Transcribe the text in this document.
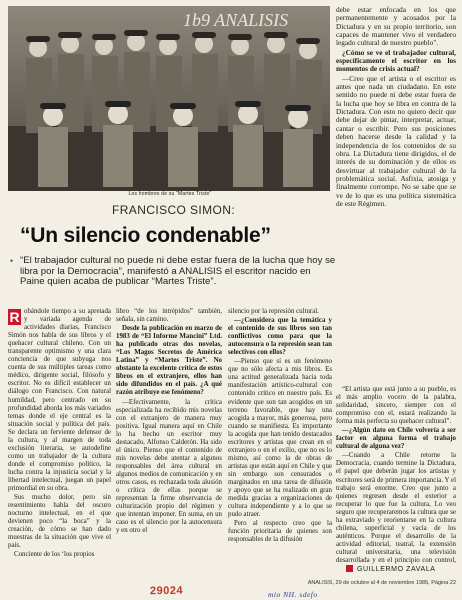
1b9 ANALISIS
Los hombres de su "Martes Triste"

debe estar enfocada en los que permanentemente y acosados por la Dictadura y en su propio territorio, son capaces de mantener vivo el verdadero legado cultural de nuestro pueblo".

¿Cómo se ve el trabajador cultural, específicamente el escritor en los momentos de crisis actual?

—Creo que el artista o el escritor es antes que nada un ciudadano. En este sentido no puede ni debe estar fuera de la lucha que hoy se libra en contra de la Dictadura. Con esto no quiero decir que debe dejar de pintar, interpretar, actuar, cantar o escribir. Pero sus posiciones deben hacerse desde la calidad y la independencia de los contenidos de su obra. La Dictadura tiene dirigidos, el de interés de su dominación y de ellos es desvirtuar al trabajador cultural de la problemática social. Asfixia, atosiga y finalmente corrompe. No se sabe que se ve de lo que es una política sistemática de este Régimen.

FRANCISCO SIMON:
“Un silencio condenable”
• “El trabajador cultural no puede ni debe estar fuera de la lucha que hoy se libra por la Democracia”, manifestó a ANALISIS el escritor nacido en Paine quien acaba de publicar “Martes Triste”.

R obándole tiempo a su apretada y variada agenda de actividades diarias, Francisco Simón nos habla de sus libros y el quehacer cultural chileno. Con un transparente optimismo y una clara conciencia de que subyuga nos cuenta de sus múltiples tareas como médico, dirigente social, filósofo y escritor. No es difícil establecer un diálogo con Francisco. Con natural humildad, pero centrado en su profundidad aborda los más variados temas donde el eje central es la situación social y política del país. Se declara un ferviente defensor de la cultura, y al margen de toda exclusión literaria, se autodefine como un trabajador de la cultura donde el compromiso político, la lucha contra la injusticia social y la libertad intelectual, juegan un papel primordial en su obra.

Sus mucho dolor, pero sin resentimiento habla del oscuro nocturno intelectual, en el que devienen poco “la boca” y la creación, de cómo se han dado muestras de la situación que vive el país.

Conciente de los ‘los propios

libro “de los intrépidos” también, señala, sin camino.

Desde la publicación en marzo de 1983 de “El Informe Mancini” Ltd. ha publicado otras dos novelas, “Los Magos Secretos de América Latina” y “Martes Triste”. No obstante la excelente crítica de estos libros en el extranjero, ellos han sido difundidos en el país. ¿A qué razón atribuye ese fenómeno?

—Efectivamente, la crítica especializada ha recibido mis novelas con el extranjero de manera muy positiva. Igual manera aquí en Chile lo ha hecho un escritor muy destacado, Alfonso Calderón. Ha sido el único. Pienso que el contenido de mis novelas debe atentar a algunos responsables del área cultural en algunos medios de comunicación y en otros casos, es rechazada toda alusión o crítica de ellas porque se representan la firme observancia de culturización propio del régimen y que intentan imponer. En suma, en un caso es el silencio por la autocensura y en otro el

silencio por la represión cultural.

—¿Considera que la temática y el contenido de sus libros son tan conflictivos como para que la autocensura o la represión sean tan selectivos con ellos?

—Pienso que sí es un fenómeno que no sólo afecta a mis libros. Es una actitud generalizada hacia toda manifestación artístico-cultural con contenido crítico en nuestro país. Es evidente que son tan acogidos en un terreno favorable, que hay una acogida a mayor, más generosa, pero cuando se manifiesta. Es importante la acogida que han tenido destacados escritores y artistas que crean en el extranjero o en el exilio, que no es lo mismo, así como la de obras de artistas que están aquí en Chile y que sin embargo son censurados o marginados en una tarea de difusión y apoyo que se ha realizado en gran medida gracias a organizaciones de cultura independiente y a lo que se pudo atraer.

Pero al respecto creo que la función prioritaria de quienes son responsables de la difusión

“El artista que está junto a su pueblo, es el más amplio vocero de la palabra, solidaridad, sincero, siempre con el compromiso con el, estará realizando la forma más perfecta su quehacer cultural”.

—¿Algún dato en Chile volvería a ser factor en alguna forma el trabajo cultural de alguna vez?

—Cuando a Chile retorne la Democracia, cuando termine la Dictadura, el papel que deberán jugar los artistas y escritores será de primera importancia. Y el trabajo será enorme. Creo que junto a quienes regresen desde el exterior a recuperar lo que fue la cultura, Lo veo seguro que recuperaremos la cultura que se ha extraviado y reorientarse en la cultura chilena, superficial y vacía de los auténticos. Porque el desarrollo de la actividad editorial, teatral, la extensión cultural universitaria, una televisión desarrollada y en el principio con control,

GUILLERMO ZAVALA
ANALISIS, 29 de octubre al 4 de noviembre 1985, Página 22
29024	mio NH. sdefo
